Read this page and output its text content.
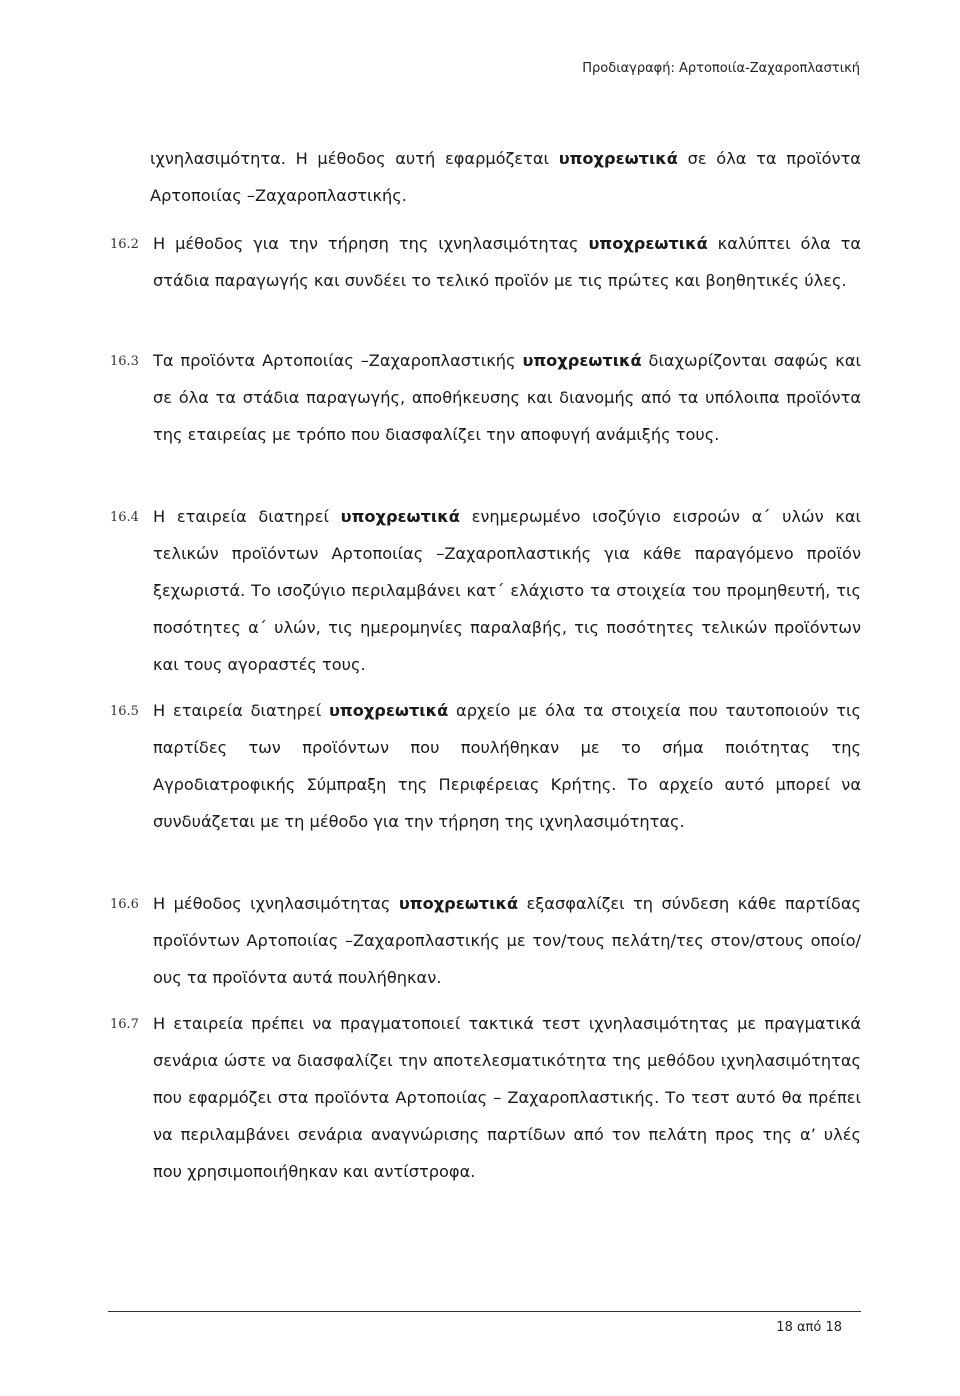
Προδιαγραφή: Αρτοποιία-Ζαχαροπλαστική
ιχνηλασιμότητα. Η μέθοδος αυτή εφαρμόζεται υποχρεωτικά σε όλα τα προϊόντα Αρτοποιίας –Ζαχαροπλαστικής.
16.2 Η μέθοδος για την τήρηση της ιχνηλασιμότητας υποχρεωτικά καλύπτει όλα τα στάδια παραγωγής και συνδέει το τελικό προϊόν με τις πρώτες και βοηθητικές ύλες.
16.3 Τα προϊόντα Αρτοποιίας –Ζαχαροπλαστικής υποχρεωτικά διαχωρίζονται σαφώς και σε όλα τα στάδια παραγωγής, αποθήκευσης και διανομής από τα υπόλοιπα προϊόντα της εταιρείας με τρόπο που διασφαλίζει την αποφυγή ανάμιξής τους.
16.4 Η εταιρεία διατηρεί υποχρεωτικά ενημερωμένο ισοζύγιο εισροών α΄ υλών και τελικών προϊόντων Αρτοποιίας –Ζαχαροπλαστικής για κάθε παραγόμενο προϊόν ξεχωριστά. Το ισοζύγιο περιλαμβάνει κατ΄ ελάχιστο τα στοιχεία του προμηθευτή, τις ποσότητες α΄ υλών, τις ημερομηνίες παραλαβής, τις ποσότητες τελικών προϊόντων και τους αγοραστές τους.
16.5 Η εταιρεία διατηρεί υποχρεωτικά αρχείο με όλα τα στοιχεία που ταυτοποιούν τις παρτίδες των προϊόντων που πουλήθηκαν με το σήμα ποιότητας της Αγροδιατροφικής Σύμπραξη της Περιφέρειας Κρήτης. Το αρχείο αυτό μπορεί να συνδυάζεται με τη μέθοδο για την τήρηση της ιχνηλασιμότητας.
16.6 Η μέθοδος ιχνηλασιμότητας υποχρεωτικά εξασφαλίζει τη σύνδεση κάθε παρτίδας προϊόντων Αρτοποιίας –Ζαχαροπλαστικής με τον/τους πελάτη/τες στον/στους οποίο/ους τα προϊόντα αυτά πουλήθηκαν.
16.7 Η εταιρεία πρέπει να πραγματοποιεί τακτικά τεστ ιχνηλασιμότητας με πραγματικά σενάρια ώστε να διασφαλίζει την αποτελεσματικότητα της μεθόδου ιχνηλασιμότητας που εφαρμόζει στα προϊόντα Αρτοποιίας – Ζαχαροπλαστικής. Το τεστ αυτό θα πρέπει να περιλαμβάνει σενάρια αναγνώρισης παρτίδων από τον πελάτη προς της α’ υλές που χρησιμοποιήθηκαν και αντίστροφα.
18 από 18
